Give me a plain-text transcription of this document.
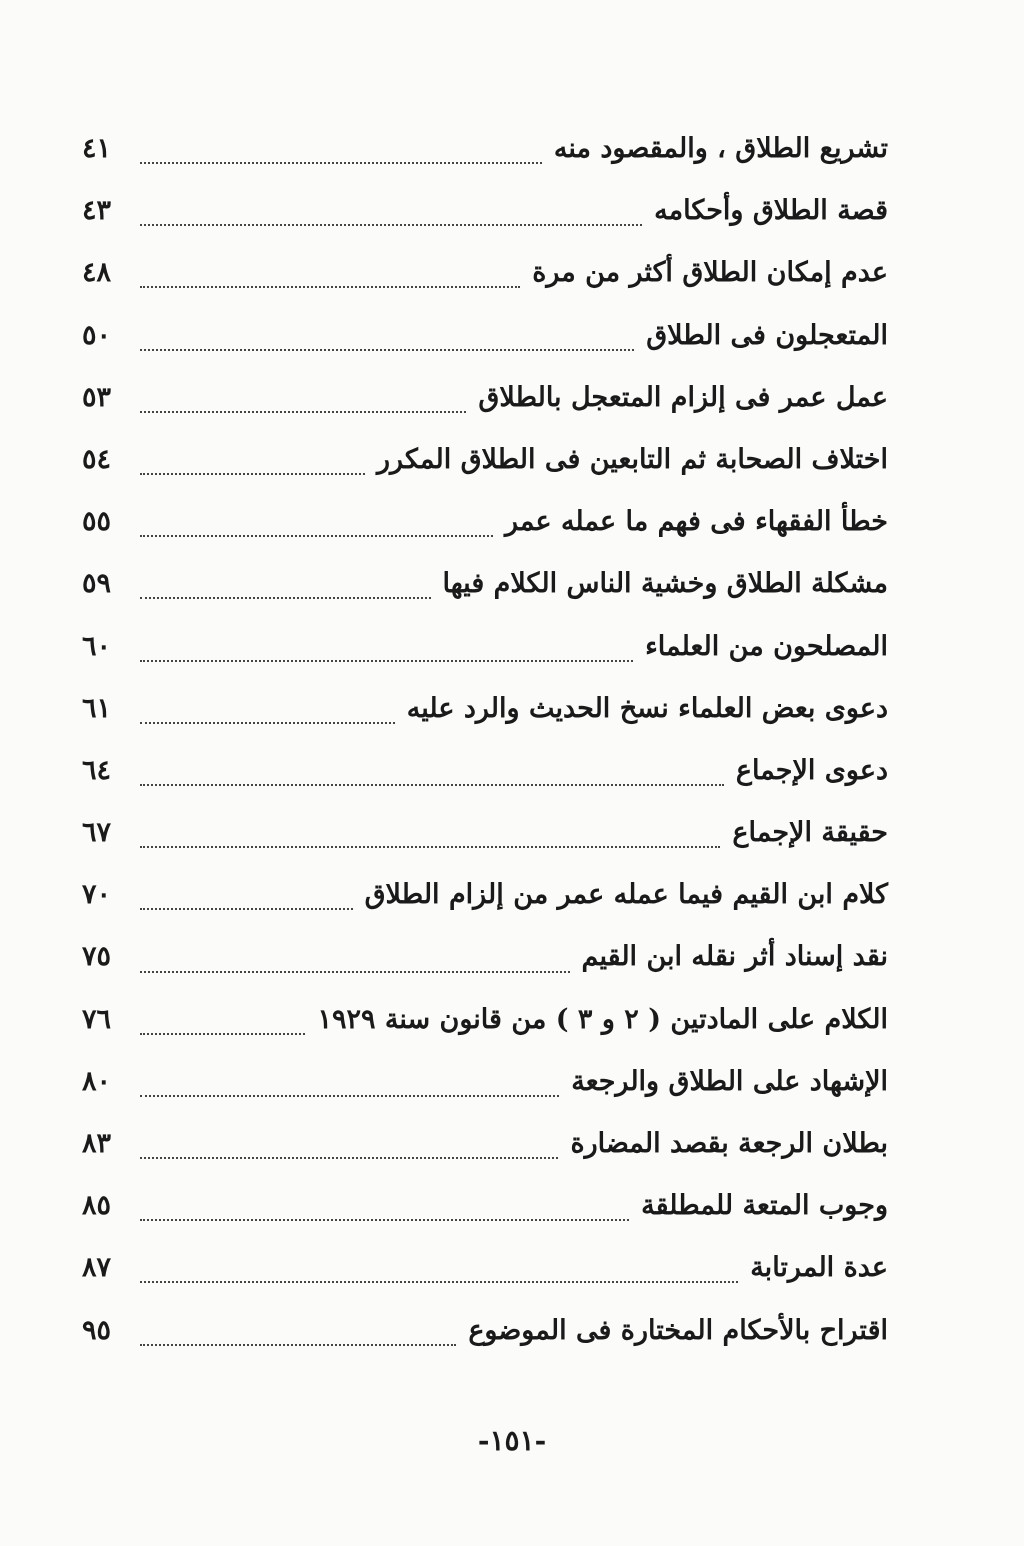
تشريع الطلاق ، والمقصود منه
٤١
قصة الطلاق وأحكامه
٤٣
عدم إمكان الطلاق أكثر من مرة
٤٨
المتعجلون فى الطلاق
٥٠
عمل عمر فى إلزام المتعجل بالطلاق
٥٣
اختلاف الصحابة ثم التابعين فى الطلاق المكرر
٥٤
خطأ الفقهاء فى فهم ما عمله عمر
٥٥
مشكلة الطلاق وخشية الناس الكلام فيها
٥٩
المصلحون من العلماء
٦٠
دعوى بعض العلماء نسخ الحديث والرد عليه
٦١
دعوى الإجماع
٦٤
حقيقة الإجماع
٦٧
كلام ابن القيم فيما عمله عمر من إلزام الطلاق
٧٠
نقد إسناد أثر نقله ابن القيم
٧٥
الكلام على المادتين ( ٢ و ٣ ) من قانون سنة ١٩٢٩
٧٦
الإشهاد على الطلاق والرجعة
٨٠
بطلان الرجعة بقصد المضارة
٨٣
وجوب المتعة للمطلقة
٨٥
عدة المرتابة
٨٧
اقتراح بالأحكام المختارة فى الموضوع
٩٥
-١٥١-
